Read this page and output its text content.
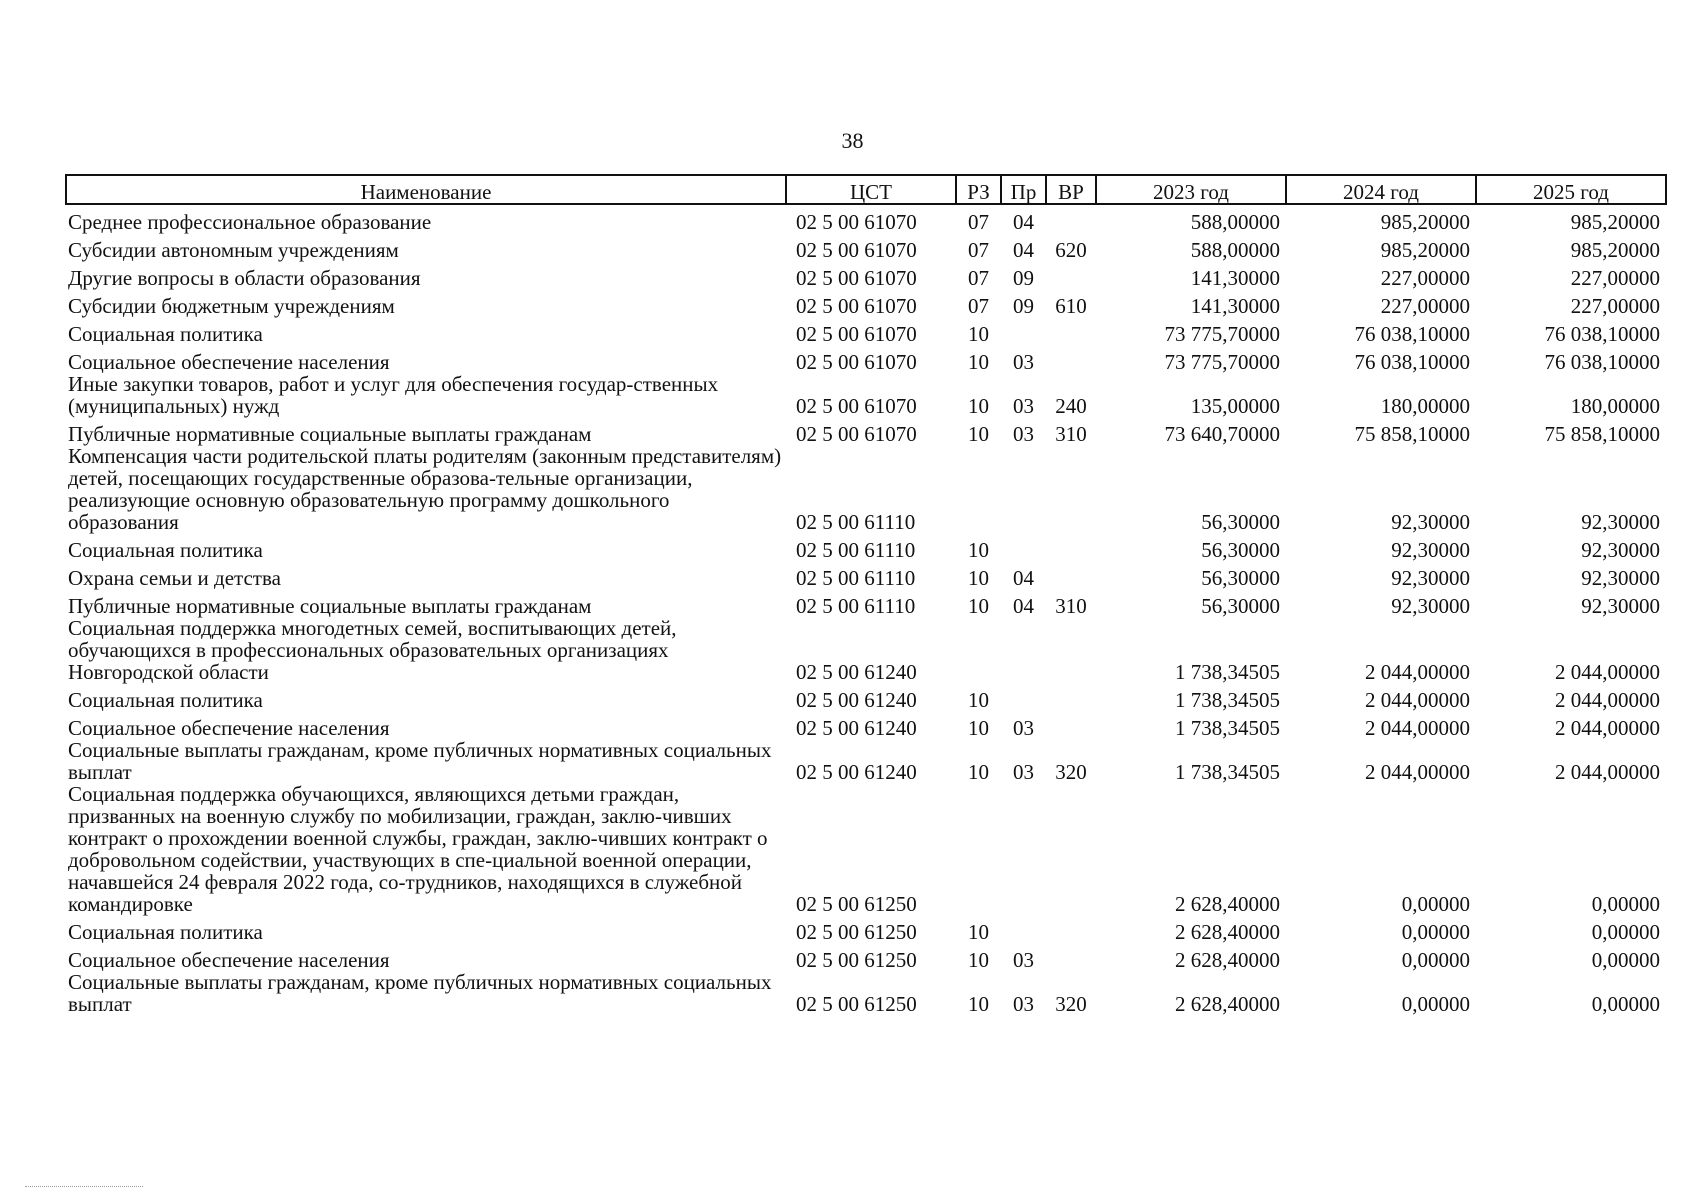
38
Наименование	ЦСТ	РЗ	Пр	ВР	2023 год	2024 год	2025 год
Среднее профессиональное образование	02 5 00 61070	07	04		588,00000	985,20000	985,20000
Субсидии автономным учреждениям	02 5 00 61070	07	04	620	588,00000	985,20000	985,20000
Другие вопросы в области образования	02 5 00 61070	07	09		141,30000	227,00000	227,00000
Субсидии бюджетным учреждениям	02 5 00 61070	07	09	610	141,30000	227,00000	227,00000
Социальная политика	02 5 00 61070	10			73 775,70000	76 038,10000	76 038,10000
Социальное обеспечение населения	02 5 00 61070	10	03		73 775,70000	76 038,10000	76 038,10000
Иные закупки товаров, работ и услуг для обеспечения государ-ственных (муниципальных) нужд	02 5 00 61070	10	03	240	135,00000	180,00000	180,00000
Публичные нормативные социальные выплаты гражданам	02 5 00 61070	10	03	310	73 640,70000	75 858,10000	75 858,10000
Компенсация части родительской платы родителям (законным представителям) детей, посещающих государственные образова-тельные организации, реализующие основную образовательную программу дошкольного образования	02 5 00 61110				56,30000	92,30000	92,30000
Социальная политика	02 5 00 61110	10			56,30000	92,30000	92,30000
Охрана семьи и детства	02 5 00 61110	10	04		56,30000	92,30000	92,30000
Публичные нормативные социальные выплаты гражданам	02 5 00 61110	10	04	310	56,30000	92,30000	92,30000
Социальная поддержка многодетных семей, воспитывающих детей, обучающихся в профессиональных образовательных организациях Новгородской области	02 5 00 61240				1 738,34505	2 044,00000	2 044,00000
Социальная политика	02 5 00 61240	10			1 738,34505	2 044,00000	2 044,00000
Социальное обеспечение населения	02 5 00 61240	10	03		1 738,34505	2 044,00000	2 044,00000
Социальные выплаты гражданам, кроме публичных нормативных социальных выплат	02 5 00 61240	10	03	320	1 738,34505	2 044,00000	2 044,00000
Социальная поддержка обучающихся, являющихся детьми граждан, призванных на военную службу по мобилизации, граждан, заклю-чивших контракт о прохождении военной службы, граждан, заклю-чивших контракт о добровольном содействии, участвующих в спе-циальной военной операции, начавшейся 24 февраля 2022 года, со-трудников, находящихся в служебной командировке	02 5 00 61250				2 628,40000	0,00000	0,00000
Социальная политика	02 5 00 61250	10			2 628,40000	0,00000	0,00000
Социальное обеспечение населения	02 5 00 61250	10	03		2 628,40000	0,00000	0,00000
Социальные выплаты гражданам, кроме публичных нормативных социальных выплат	02 5 00 61250	10	03	320	2 628,40000	0,00000	0,00000
